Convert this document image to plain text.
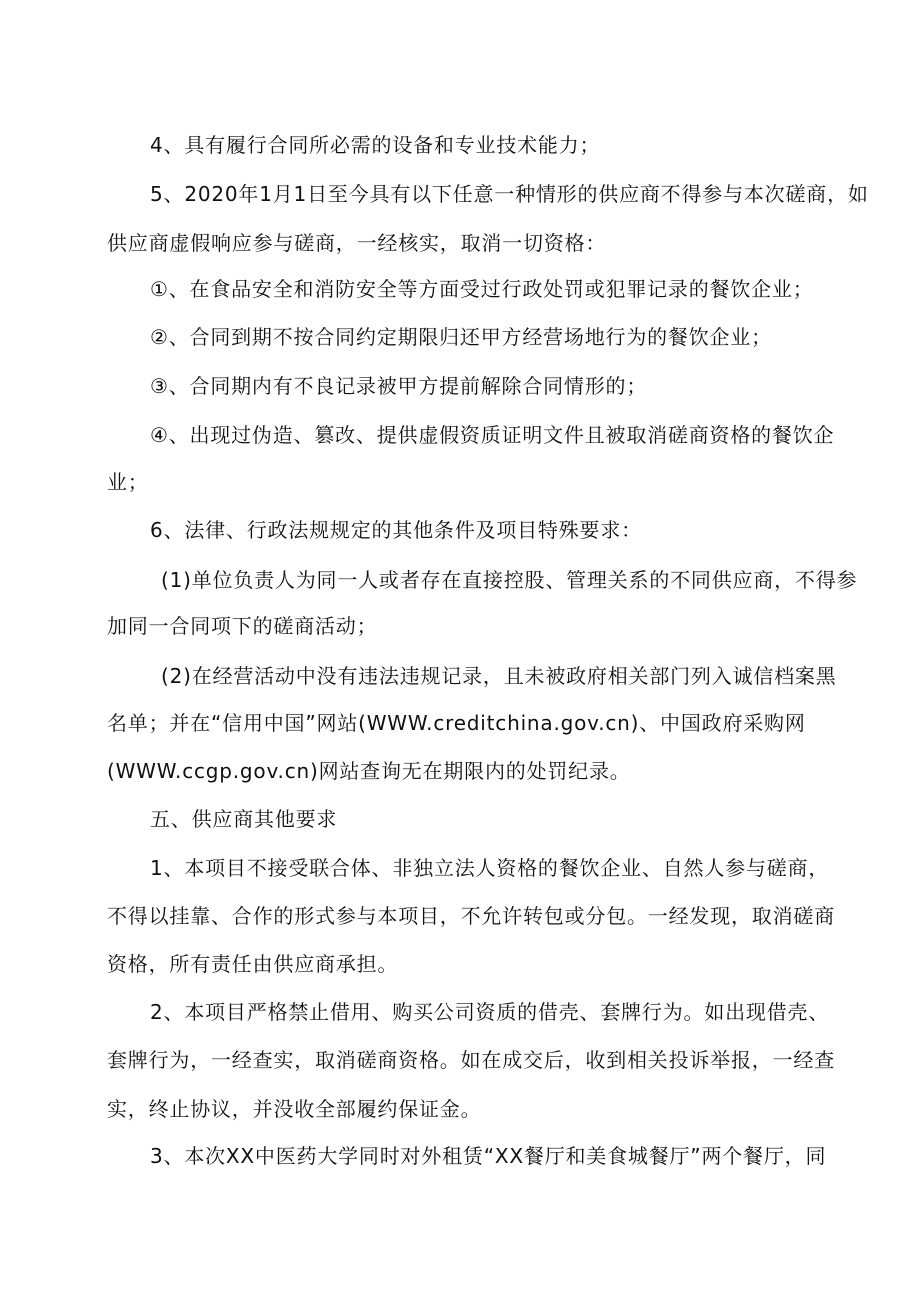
4、具有履行合同所必需的设备和专业技术能力；
5、2020年1月1日至今具有以下任意一种情形的供应商不得参与本次磋商，如
供应商虚假响应参与磋商，一经核实，取消一切资格：
①、在食品安全和消防安全等方面受过行政处罚或犯罪记录的餐饮企业；
②、合同到期不按合同约定期限归还甲方经营场地行为的餐饮企业；
③、合同期内有不良记录被甲方提前解除合同情形的；
④、出现过伪造、篡改、提供虚假资质证明文件且被取消磋商资格的餐饮企
业；
6、法律、行政法规规定的其他条件及项目特殊要求：
(1)单位负责人为同一人或者存在直接控股、管理关系的不同供应商，不得参
加同一合同项下的磋商活动；
(2)在经营活动中没有违法违规记录，且未被政府相关部门列入诚信档案黑
名单；并在“信用中国”网站(WWW.creditchina.gov.cn)、中国政府采购网
(WWW.ccgp.gov.cn)网站查询无在期限内的处罚纪录。
五、供应商其他要求
1、本项目不接受联合体、非独立法人资格的餐饮企业、自然人参与磋商，
不得以挂靠、合作的形式参与本项目，不允许转包或分包。一经发现，取消磋商
资格，所有责任由供应商承担。
2、本项目严格禁止借用、购买公司资质的借壳、套牌行为。如出现借壳、
套牌行为，一经查实，取消磋商资格。如在成交后，收到相关投诉举报，一经查
实，终止协议，并没收全部履约保证金。
3、本次XX中医药大学同时对外租赁“XX餐厅和美食城餐厅”两个餐厅，同
